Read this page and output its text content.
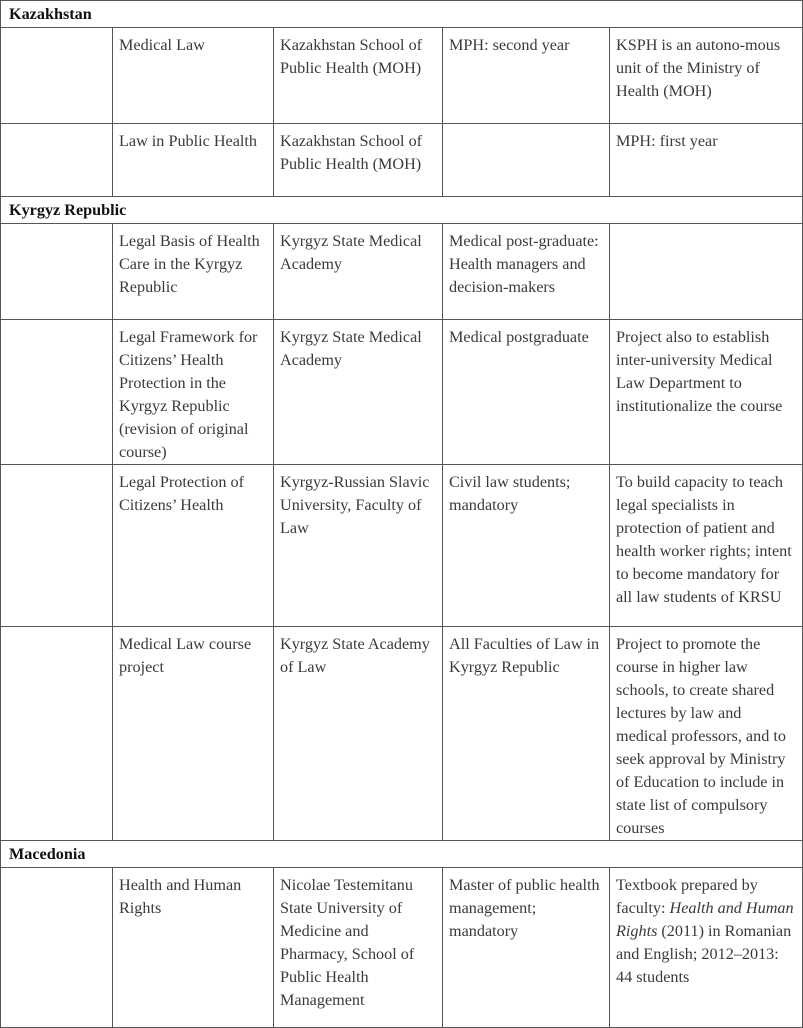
Kazakhstan				
	Medical Law	Kazakhstan School of Public Health (MOH)	MPH: second year	KSPH is an autono-mous unit of the Ministry of Health (MOH)
	Law in Public Health	Kazakhstan School of Public Health (MOH)		MPH: first year
Kyrgyz Republic				
	Legal Basis of Health Care in the Kyrgyz Republic	Kyrgyz State Medical Academy	Medical post-graduate: Health managers and decision-makers	
	Legal Framework for Citizens’ Health Protection in the Kyrgyz Republic (revision of original course)	Kyrgyz State Medical Academy	Medical postgraduate	Project also to establish inter-university Medical Law Department to institutionalize the course
	Legal Protection of Citizens’ Health	Kyrgyz-Russian Slavic University, Faculty of Law	Civil law students; mandatory	To build capacity to teach legal specialists in protection of patient and health worker rights; intent to become mandatory for all law students of KRSU
	Medical Law course project	Kyrgyz State Academy of Law	All Faculties of Law in Kyrgyz Republic	Project to promote the course in higher law schools, to create shared lectures by law and medical professors, and to seek approval by Ministry of Education to include in state list of compulsory courses
Macedonia				
	Health and Human Rights	Nicolae Testemitanu State University of Medicine and Pharmacy, School of Public Health Management	Master of public health management; mandatory	Textbook prepared by faculty: Health and Human Rights (2011) in Romanian and English; 2012–2013: 44 students
